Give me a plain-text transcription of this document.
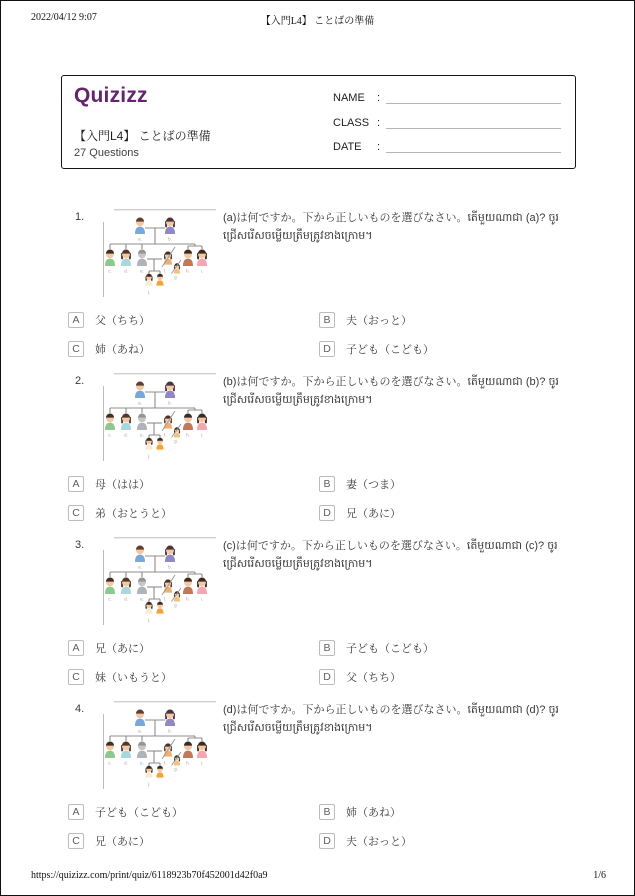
2022/04/12 9:07	【入門L4】 ことばの準備
Quizizz
【入門L4】 ことばの準備
27 Questions
NAME	:
CLASS :
DATE	:
1.	(a)は何ですか。下から正しいものを選びなさい。តើមួយណាជា (a)? ចូរជ្រើសរើសចម្លើយត្រឹមត្រូវខាងក្រោម។
A	父（ちち）	B	夫（おっと）
C	姉（あね）	D	子ども（こども）
2.	(b)は何ですか。下から正しいものを選びなさい。តើមួយណាជា (b)? ចូរជ្រើសរើសចម្លើយត្រឹមត្រូវខាងក្រោម។
A	母（はは）	B	妻（つま）
C	弟（おとうと）	D	兄（あに）
3.	(c)は何ですか。下から正しいものを選びなさい。តើមួយណាជា (c)? ចូរជ្រើសរើសចម្លើយត្រឹមត្រូវខាងក្រោម។
A	兄（あに）	B	子ども（こども）
C	妹（いもうと）	D	父（ちち）
4.	(d)は何ですか。下から正しいものを選びなさい。តើមួយណាជា (d)? ចូរជ្រើសរើសចម្លើយត្រឹមត្រូវខាងក្រោម។
A	子ども（こども）	B	姉（あね）
C	兄（あに）	D	夫（おっと）
https://quizizz.com/print/quiz/6118923b70f452001d42f0a9	1/6
